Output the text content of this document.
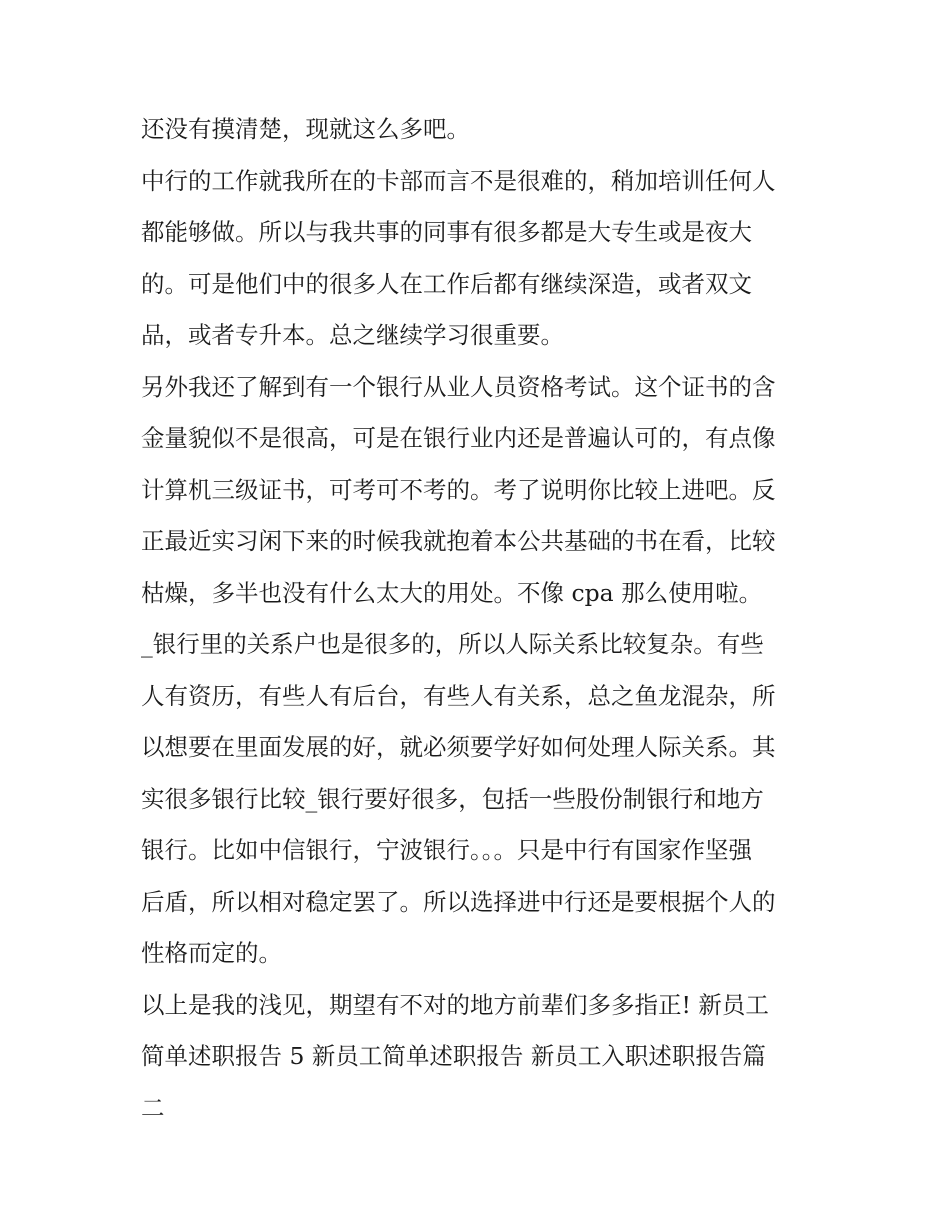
还没有摸清楚，现就这么多吧。
中行的工作就我所在的卡部而言不是很难的，稍加培训任何人
都能够做。所以与我共事的同事有很多都是大专生或是夜大
的。可是他们中的很多人在工作后都有继续深造，或者双文
品，或者专升本。总之继续学习很重要。
另外我还了解到有一个银行从业人员资格考试。这个证书的含
金量貌似不是很高，可是在银行业内还是普遍认可的，有点像
计算机三级证书，可考可不考的。考了说明你比较上进吧。反
正最近实习闲下来的时候我就抱着本公共基础的书在看，比较
枯燥，多半也没有什么太大的用处。不像 cpa 那么使用啦。
_银行里的关系户也是很多的，所以人际关系比较复杂。有些
人有资历，有些人有后台，有些人有关系，总之鱼龙混杂，所
以想要在里面发展的好，就必须要学好如何处理人际关系。其
实很多银行比较_银行要好很多，包括一些股份制银行和地方
银行。比如中信银行，宁波银行。。。只是中行有国家作坚强
后盾，所以相对稳定罢了。所以选择进中行还是要根据个人的
性格而定的。
以上是我的浅见，期望有不对的地方前辈们多多指正! 新员工
简单述职报告 5 新员工简单述职报告 新员工入职述职报告篇
二
